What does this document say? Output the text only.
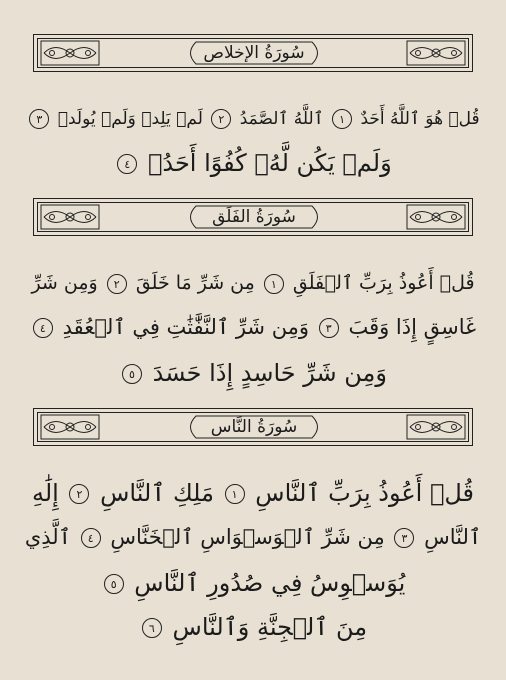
سُورَةُ الإخلاص
قُلۡ هُوَ ٱللَّهُ أَحَدٌ ١ ٱللَّهُ ٱلصَّمَدُ ٢ لَمۡ يَلِدۡ وَلَمۡ يُولَدۡ ٣
وَلَمۡ يَكُن لَّهُۥ كُفُوًا أَحَدُۢ ٤
سُورَةُ الفَلَق
قُلۡ أَعُوذُ بِرَبِّ ٱلۡفَلَقِ ١ مِن شَرِّ مَا خَلَقَ ٢ وَمِن شَرِّ
غَاسِقٍ إِذَا وَقَبَ ٣ وَمِن شَرِّ ٱلنَّفَّٰثَٰتِ فِي ٱلۡعُقَدِ ٤
وَمِن شَرِّ حَاسِدٍ إِذَا حَسَدَ ٥
سُورَةُ النَّاس
قُلۡ أَعُوذُ بِرَبِّ ٱلنَّاسِ ١ مَلِكِ ٱلنَّاسِ ٢ إِلَٰهِ
ٱلنَّاسِ ٣ مِن شَرِّ ٱلۡوَسۡوَاسِ ٱلۡخَنَّاسِ ٤ ٱلَّذِي
يُوَسۡوِسُ فِي صُدُورِ ٱلنَّاسِ ٥
مِنَ ٱلۡجِنَّةِ وَٱلنَّاسِ ٦
